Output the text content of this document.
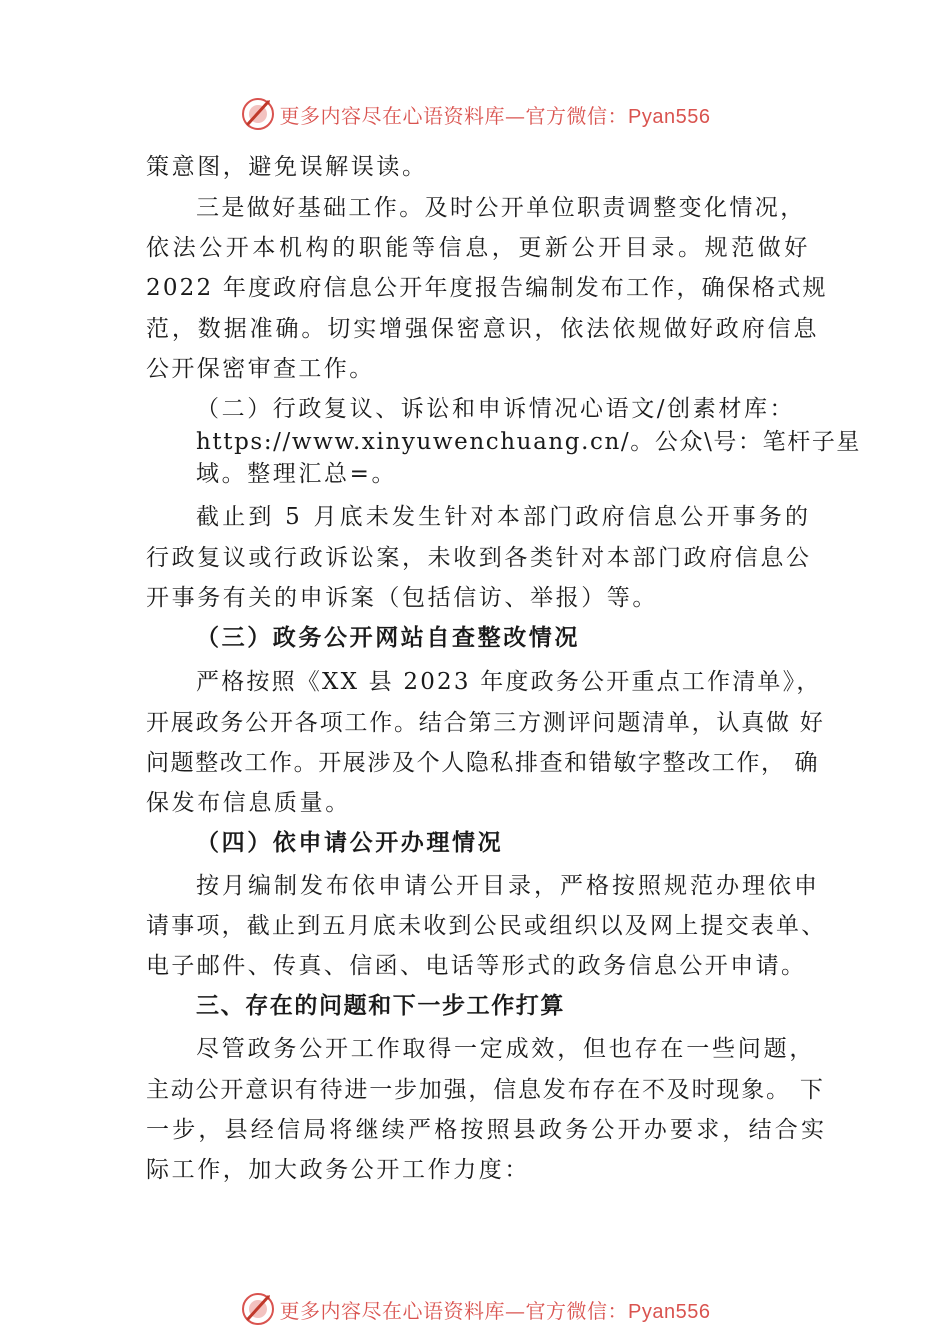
更多内容尽在心语资料库—官方微信：Pyan556
策意图，避免误解误读。
三是做好基础工作。及时公开单位职责调整变化情况，
依法公开本机构的职能等信息，更新公开目录。规范做好
2022 年度政府信息公开年度报告编制发布工作，确保格式规
范，数据准确。切实增强保密意识，依法依规做好政府信息
公开保密审查工作。
（二）行政复议、诉讼和申诉情况心语文/创素材库：
https://www.xinyuwenchuang.cn/。公众\号：笔杆子星
域。整理汇总=。
截止到 5 月底未发生针对本部门政府信息公开事务的
行政复议或行政诉讼案，未收到各类针对本部门政府信息公
开事务有关的申诉案（包括信访、举报）等。
（三）政务公开网站自查整改情况
严格按照《XX 县 2023 年度政务公开重点工作清单》，
开展政务公开各项工作。结合第三方测评问题清单，认真做 好
问题整改工作。开展涉及个人隐私排查和错敏字整改工作， 确
保发布信息质量。
（四）依申请公开办理情况
按月编制发布依申请公开目录，严格按照规范办理依申
请事项，截止到五月底未收到公民或组织以及网上提交表单、
电子邮件、传真、信函、电话等形式的政务信息公开申请。
三、存在的问题和下一步工作打算
尽管政务公开工作取得一定成效，但也存在一些问题，
主动公开意识有待进一步加强，信息发布存在不及时现象。 下
一步，县经信局将继续严格按照县政务公开办要求，结合实
际工作，加大政务公开工作力度：
更多内容尽在心语资料库—官方微信：Pyan556
